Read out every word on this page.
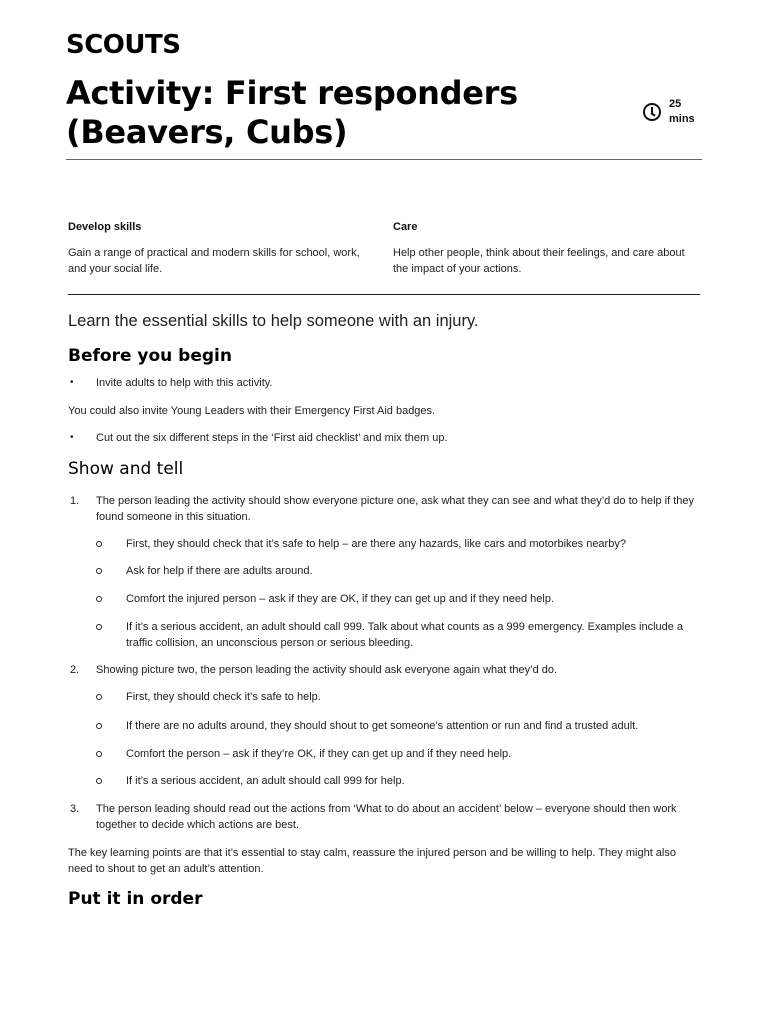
SCOUTS
Activity: First responders
(Beavers, Cubs)
25
mins
Develop skills
Gain a range of practical and modern skills for school, work, and your social life.
Care
Help other people, think about their feelings, and care about the impact of your actions.
Learn the essential skills to help someone with an injury.
Before you begin
• Invite adults to help with this activity.
You could also invite Young Leaders with their Emergency First Aid badges.
• Cut out the six different steps in the ‘First aid checklist’ and mix them up.
Show and tell
1. The person leading the activity should show everyone picture one, ask what they can see and what they’d do to help if they found someone in this situation.
First, they should check that it’s safe to help – are there any hazards, like cars and motorbikes nearby?
Ask for help if there are adults around.
Comfort the injured person – ask if they are OK, if they can get up and if they need help.
If it’s a serious accident, an adult should call 999. Talk about what counts as a 999 emergency. Examples include a traffic collision, an unconscious person or serious bleeding.
2. Showing picture two, the person leading the activity should ask everyone again what they’d do.
First, they should check it’s safe to help.
If there are no adults around, they should shout to get someone’s attention or run and find a trusted adult.
Comfort the person – ask if they’re OK, if they can get up and if they need help.
If it’s a serious accident, an adult should call 999 for help.
3. The person leading should read out the actions from ‘What to do about an accident’ below – everyone should then work together to decide which actions are best.
The key learning points are that it’s essential to stay calm, reassure the injured person and be willing to help. They might also need to shout to get an adult’s attention.
Put it in order
